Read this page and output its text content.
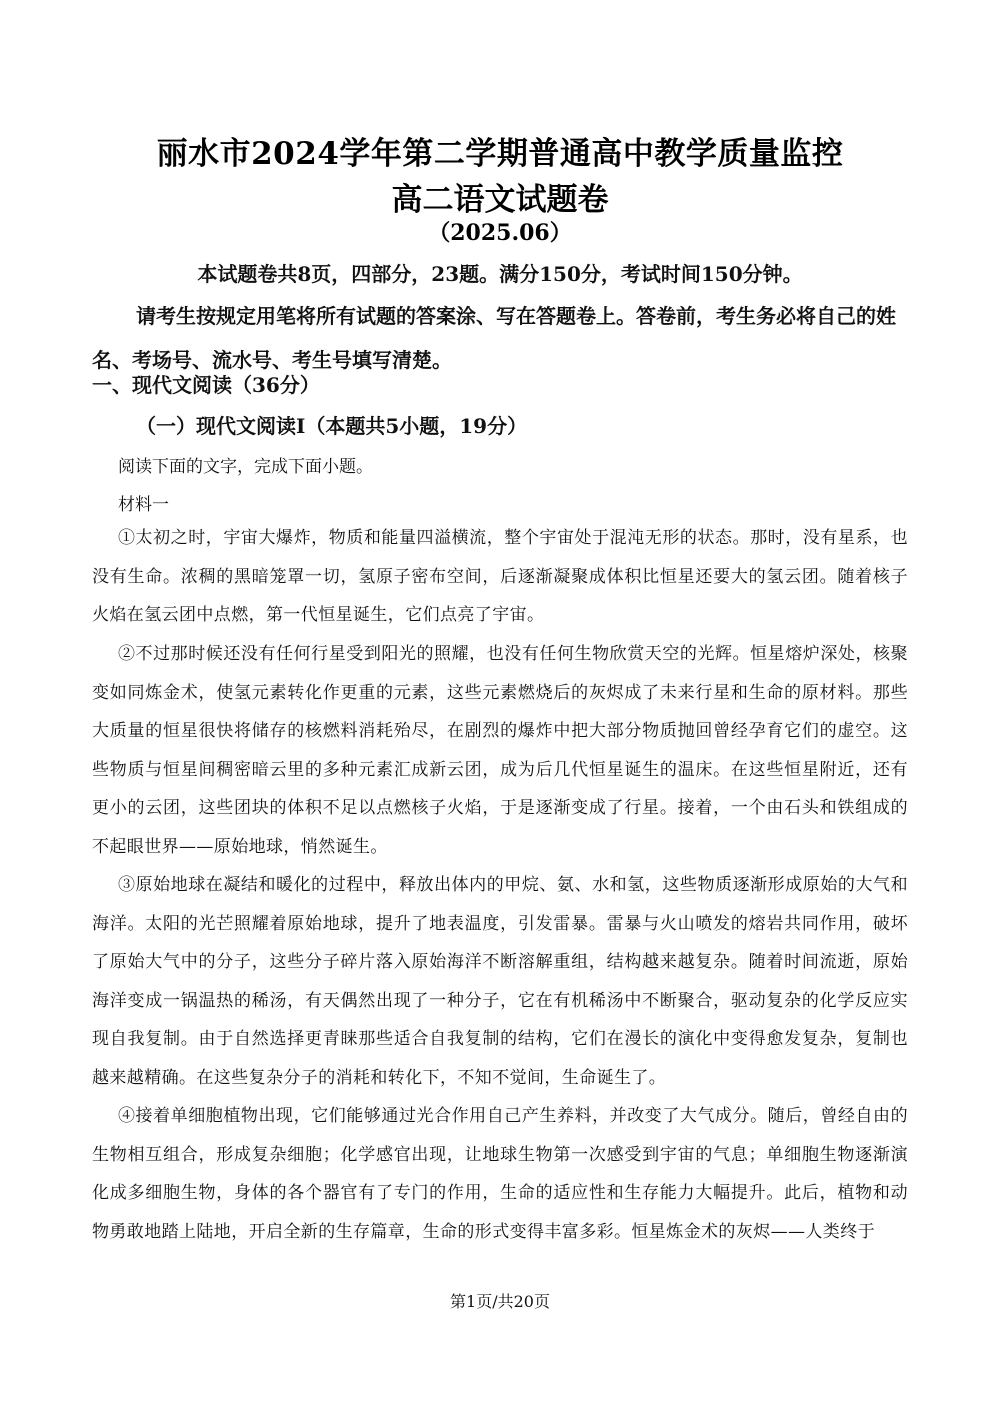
丽水市2024学年第二学期普通高中教学质量监控
高二语文试题卷
（2025.06）
本试题卷共8页，四部分，23题。满分150分，考试时间150分钟。
请考生按规定用笔将所有试题的答案涂、写在答题卷上。答卷前，考生务必将自己的姓名、考场号、流水号、考生号填写清楚。
一、现代文阅读（36分）
（一）现代文阅读Ⅰ（本题共5小题，19分）
阅读下面的文字，完成下面小题。
材料一
①太初之时，宇宙大爆炸，物质和能量四溢横流，整个宇宙处于混沌无形的状态。那时，没有星系，也没有生命。浓稠的黑暗笼罩一切，氢原子密布空间，后逐渐凝聚成体积比恒星还要大的氢云团。随着核子火焰在氢云团中点燃，第一代恒星诞生，它们点亮了宇宙。
②不过那时候还没有任何行星受到阳光的照耀，也没有任何生物欣赏天空的光辉。恒星熔炉深处，核聚变如同炼金术，使氢元素转化作更重的元素，这些元素燃烧后的灰烬成了未来行星和生命的原材料。那些大质量的恒星很快将储存的核燃料消耗殆尽，在剧烈的爆炸中把大部分物质抛回曾经孕育它们的虚空。这些物质与恒星间稠密暗云里的多种元素汇成新云团，成为后几代恒星诞生的温床。在这些恒星附近，还有更小的云团，这些团块的体积不足以点燃核子火焰，于是逐渐变成了行星。接着，一个由石头和铁组成的不起眼世界——原始地球，悄然诞生。
③原始地球在凝结和暖化的过程中，释放出体内的甲烷、氨、水和氢，这些物质逐渐形成原始的大气和海洋。太阳的光芒照耀着原始地球，提升了地表温度，引发雷暴。雷暴与火山喷发的熔岩共同作用，破坏了原始大气中的分子，这些分子碎片落入原始海洋不断溶解重组，结构越来越复杂。随着时间流逝，原始海洋变成一锅温热的稀汤，有天偶然出现了一种分子，它在有机稀汤中不断聚合，驱动复杂的化学反应实现自我复制。由于自然选择更青睐那些适合自我复制的结构，它们在漫长的演化中变得愈发复杂，复制也越来越精确。在这些复杂分子的消耗和转化下，不知不觉间，生命诞生了。
④接着单细胞植物出现，它们能够通过光合作用自己产生养料，并改变了大气成分。随后，曾经自由的生物相互组合，形成复杂细胞；化学感官出现，让地球生物第一次感受到宇宙的气息；单细胞生物逐渐演化成多细胞生物，身体的各个器官有了专门的作用，生命的适应性和生存能力大幅提升。此后，植物和动物勇敢地踏上陆地，开启全新的生存篇章，生命的形式变得丰富多彩。恒星炼金术的灰烬——人类终于
第1页/共20页
